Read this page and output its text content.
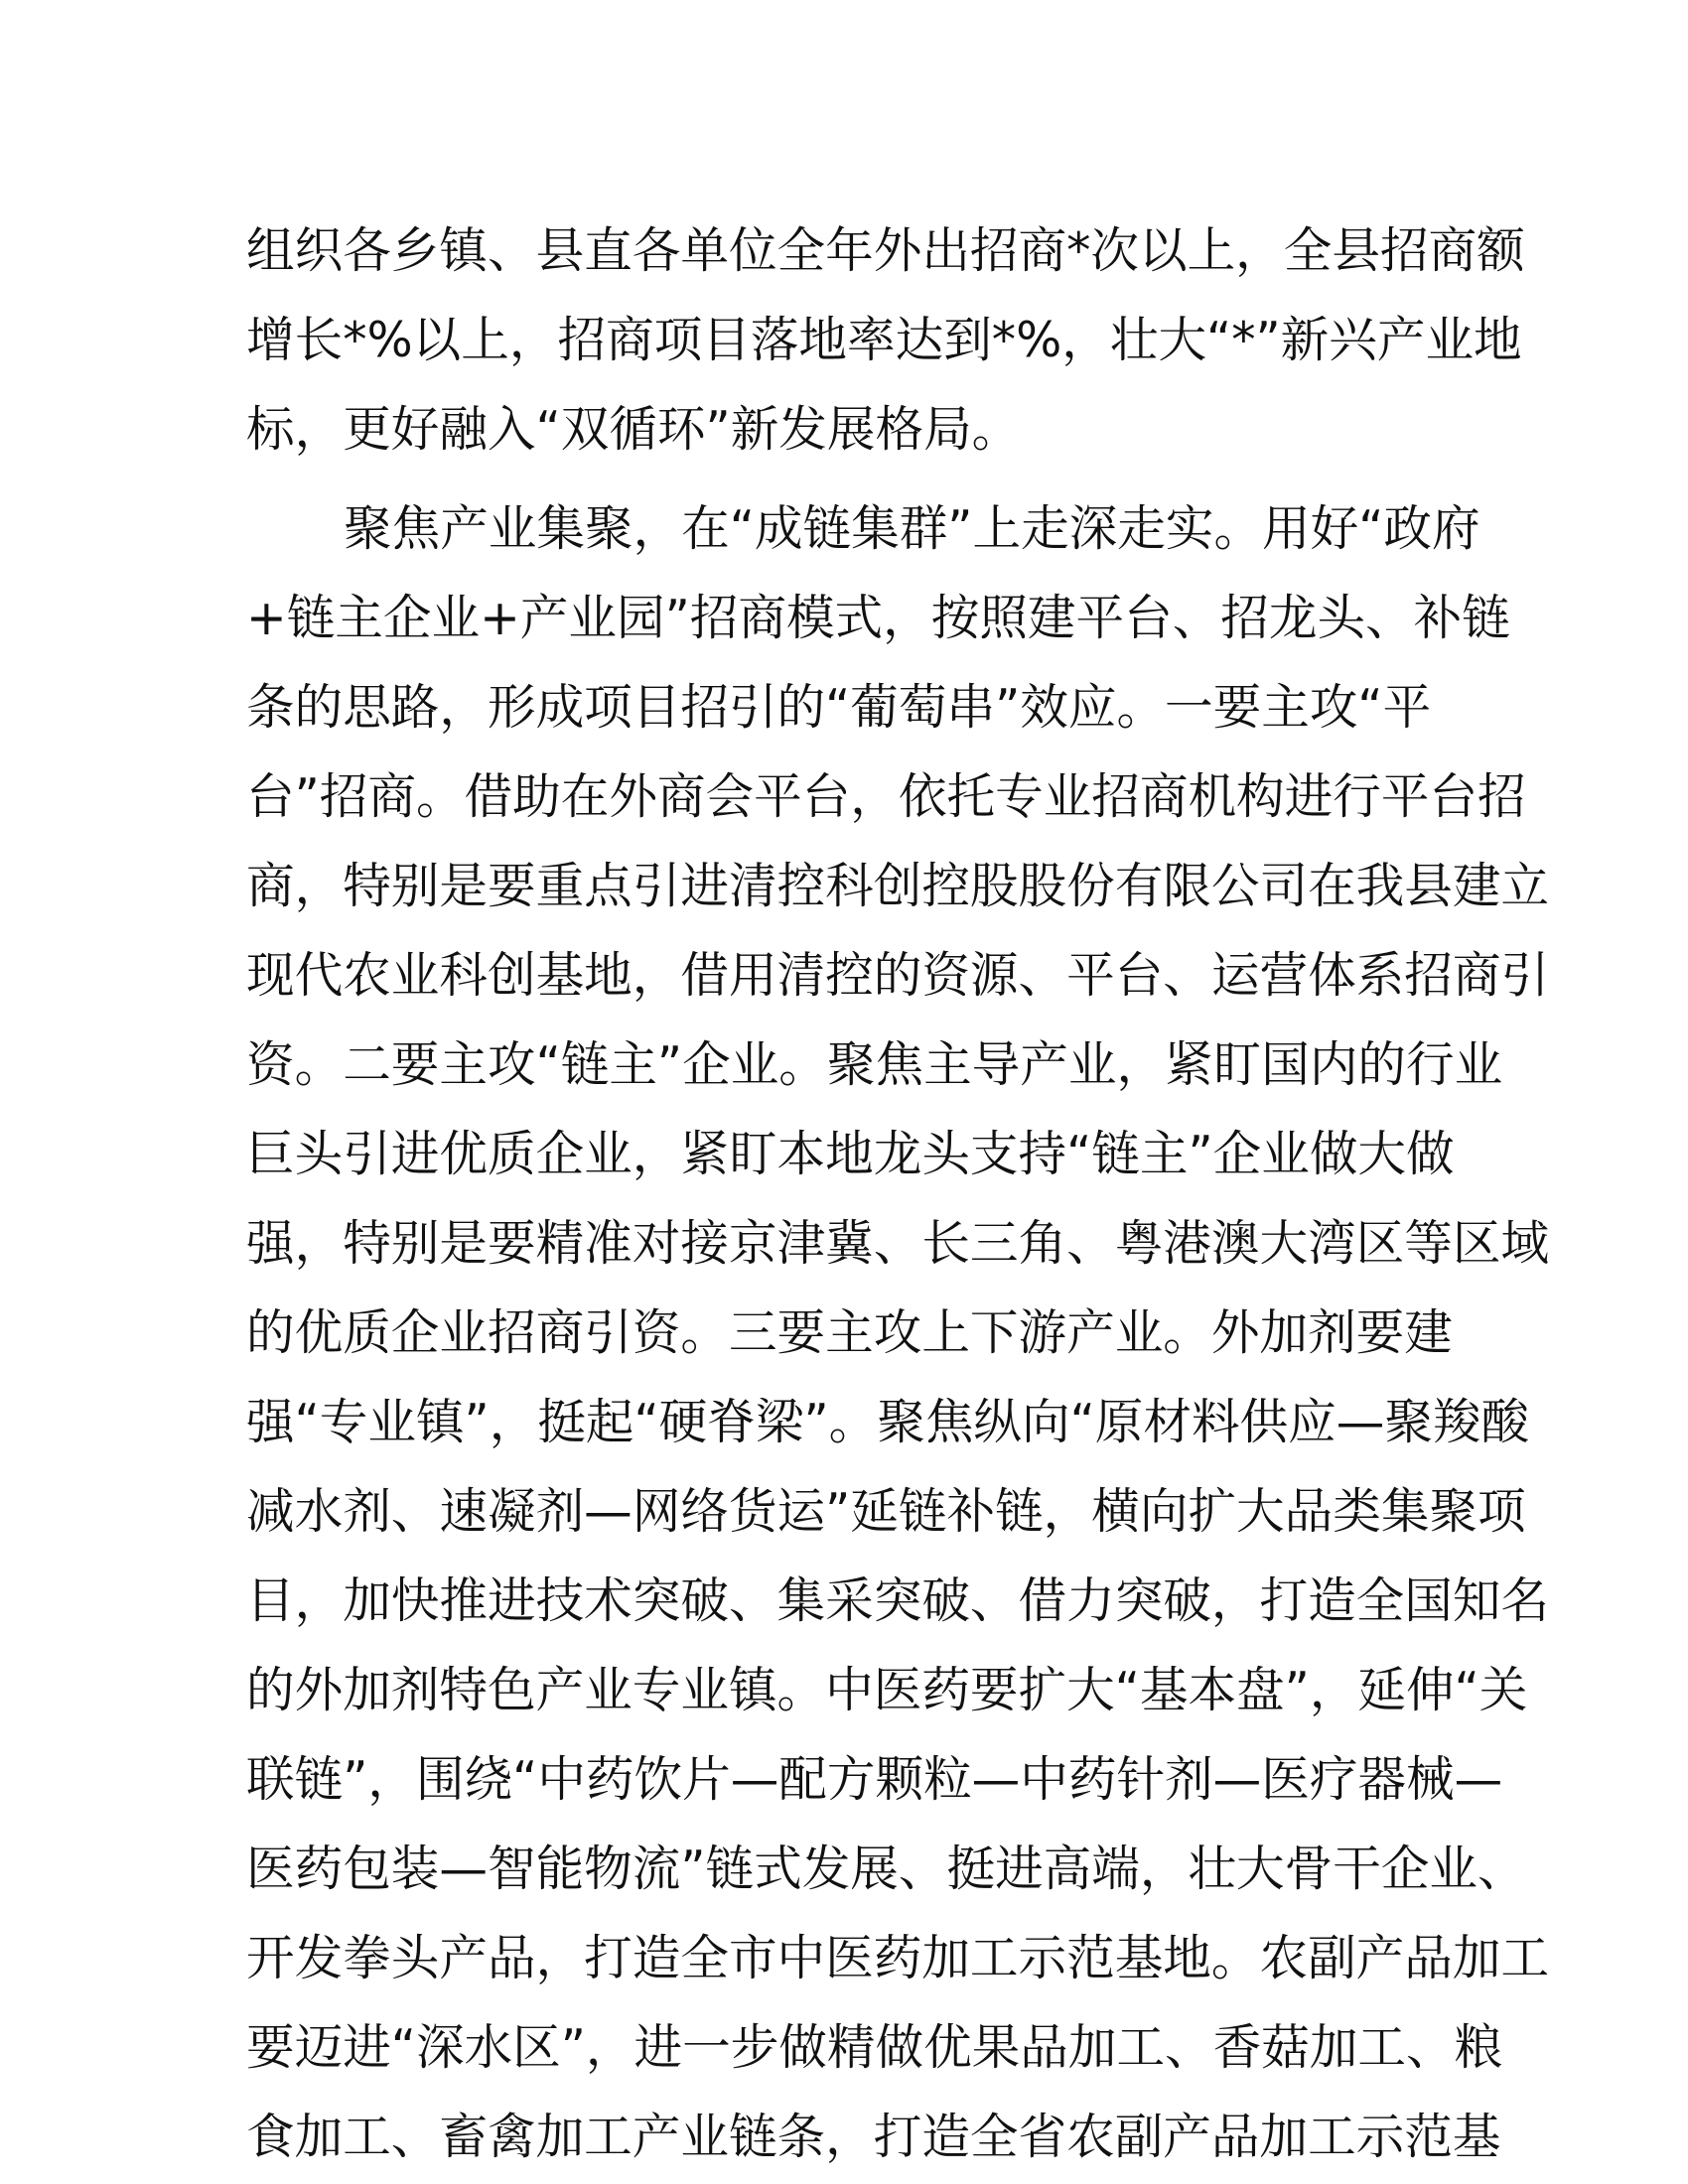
组织各乡镇、县直各单位全年外出招商*次以上，全县招商额
增长*%以上，招商项目落地率达到*%，壮大“*”新兴产业地
标，更好融入“双循环”新发展格局。
聚焦产业集聚，在“成链集群”上走深走实。用好“政府
+链主企业+产业园”招商模式，按照建平台、招龙头、补链
条的思路，形成项目招引的“葡萄串”效应。一要主攻“平
台”招商。借助在外商会平台，依托专业招商机构进行平台招
商，特别是要重点引进清控科创控股股份有限公司在我县建立
现代农业科创基地，借用清控的资源、平台、运营体系招商引
资。二要主攻“链主”企业。聚焦主导产业，紧盯国内的行业
巨头引进优质企业，紧盯本地龙头支持“链主”企业做大做
强，特别是要精准对接京津冀、长三角、粤港澳大湾区等区域
的优质企业招商引资。三要主攻上下游产业。外加剂要建
强“专业镇”，挺起“硬脊梁”。聚焦纵向“原材料供应—聚羧酸
减水剂、速凝剂—网络货运”延链补链，横向扩大品类集聚项
目，加快推进技术突破、集采突破、借力突破，打造全国知名
的外加剂特色产业专业镇。中医药要扩大“基本盘”，延伸“关
联链”，围绕“中药饮片—配方颗粒—中药针剂—医疗器械—
医药包装—智能物流”链式发展、挺进高端，壮大骨干企业、
开发拳头产品，打造全市中医药加工示范基地。农副产品加工
要迈进“深水区”，进一步做精做优果品加工、香菇加工、粮
食加工、畜禽加工产业链条，打造全省农副产品加工示范基
